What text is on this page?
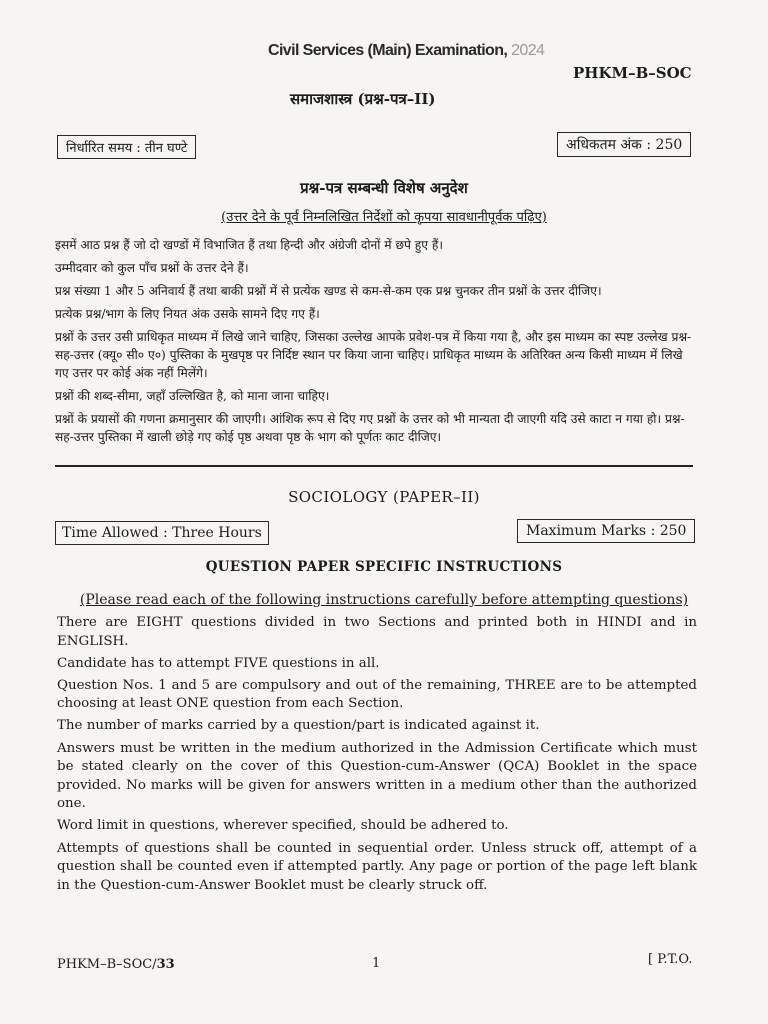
Civil Services (Main) Examination, 2024
PHKM–B–SOC
समाजशास्त्र (प्रश्न-पत्र–II)
निर्धारित समय : तीन घण्टे	अधिकतम अंक : 250
प्रश्न-पत्र सम्बन्धी विशेष अनुदेश
(उत्तर देने के पूर्व निम्नलिखित निर्देशों को कृपया सावधानीपूर्वक पढ़िए)

इसमें आठ प्रश्न हैं जो दो खण्डों में विभाजित हैं तथा हिन्दी और अंग्रेजी दोनों में छपे हुए हैं।

उम्मीदवार को कुल पाँच प्रश्नों के उत्तर देने हैं।

प्रश्न संख्या 1 और 5 अनिवार्य हैं तथा बाकी प्रश्नों में से प्रत्येक खण्ड से कम-से-कम एक प्रश्न चुनकर तीन प्रश्नों के उत्तर दीजिए।

प्रत्येक प्रश्न/भाग के लिए नियत अंक उसके सामने दिए गए हैं।

प्रश्नों के उत्तर उसी प्राधिकृत माध्यम में लिखे जाने चाहिए, जिसका उल्लेख आपके प्रवेश-पत्र में किया गया है, और इस माध्यम का स्पष्ट उल्लेख प्रश्न-सह-उत्तर (क्यू० सी० ए०) पुस्तिका के मुखपृष्ठ पर निर्दिष्ट स्थान पर किया जाना चाहिए। प्राधिकृत माध्यम के अतिरिक्त अन्य किसी माध्यम में लिखे गए उत्तर पर कोई अंक नहीं मिलेंगे।

प्रश्नों की शब्द-सीमा, जहाँ उल्लिखित है, को माना जाना चाहिए।

प्रश्नों के प्रयासों की गणना क्रमानुसार की जाएगी। आंशिक रूप से दिए गए प्रश्नों के उत्तर को भी मान्यता दी जाएगी यदि उसे काटा न गया हो। प्रश्न-सह-उत्तर पुस्तिका में खाली छोड़े गए कोई पृष्ठ अथवा पृष्ठ के भाग को पूर्णतः काट दीजिए।

SOCIOLOGY (PAPER–II)
Time Allowed : Three Hours	Maximum Marks : 250
QUESTION PAPER SPECIFIC INSTRUCTIONS
(Please read each of the following instructions carefully before attempting questions)

There are EIGHT questions divided in two Sections and printed both in HINDI and in ENGLISH.

Candidate has to attempt FIVE questions in all.

Question Nos. 1 and 5 are compulsory and out of the remaining, THREE are to be attempted choosing at least ONE question from each Section.

The number of marks carried by a question/part is indicated against it.

Answers must be written in the medium authorized in the Admission Certificate which must be stated clearly on the cover of this Question-cum-Answer (QCA) Booklet in the space provided. No marks will be given for answers written in a medium other than the authorized one.

Word limit in questions, wherever specified, should be adhered to.

Attempts of questions shall be counted in sequential order. Unless struck off, attempt of a question shall be counted even if attempted partly. Any page or portion of the page left blank in the Question-cum-Answer Booklet must be clearly struck off.

PHKM–B–SOC/33	1	[ P.T.O.
